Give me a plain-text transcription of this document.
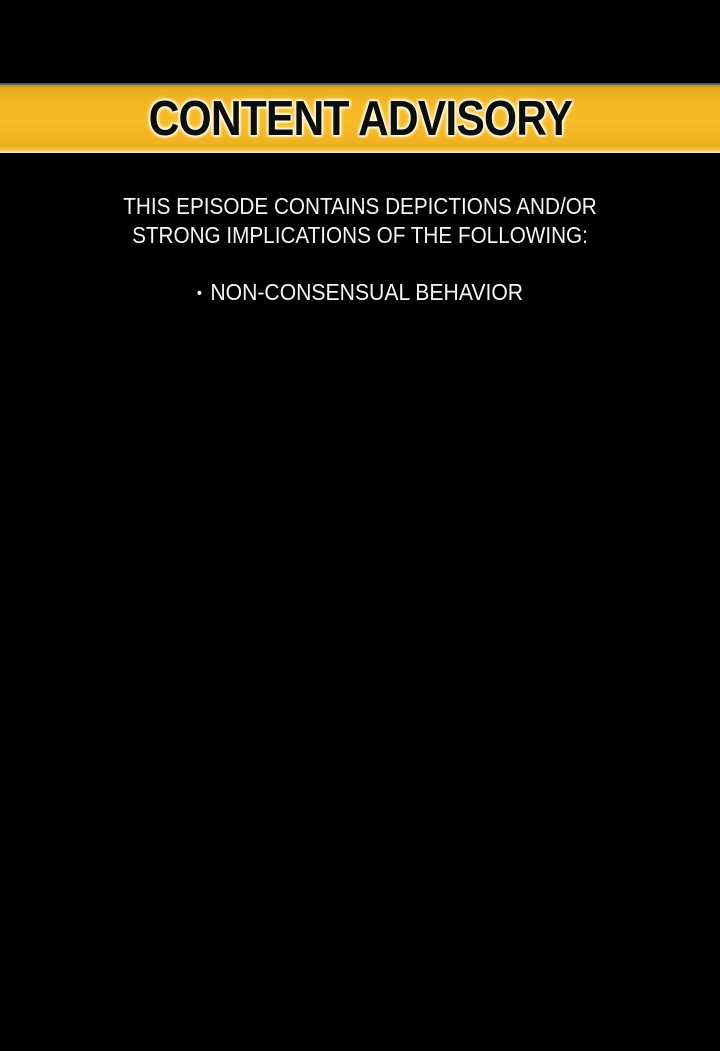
CONTENT ADVISORY

THIS EPISODE CONTAINS DEPICTIONS AND/OR
STRONG IMPLICATIONS OF THE FOLLOWING:

• NON-CONSENSUAL BEHAVIOR
